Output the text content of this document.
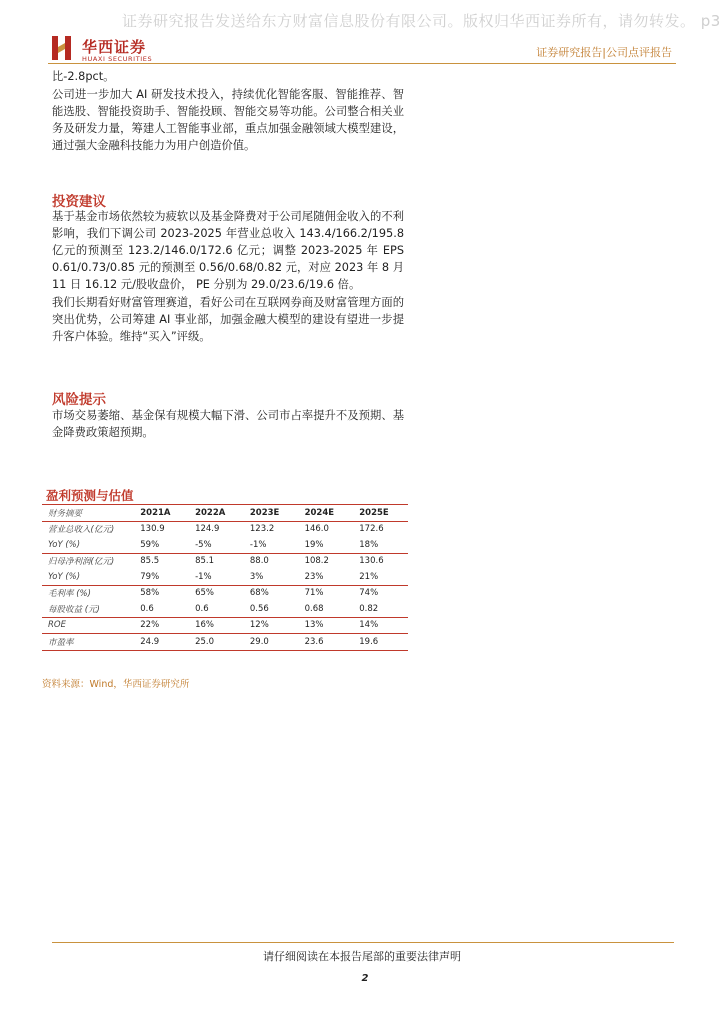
证券研究报告发送给东方财富信息股份有限公司。版权归华西证券所有，请勿转发。 p3
华西证券
HUAXI SECURITIES	证券研究报告|公司点评报告

比-2.8pct。

公司进一步加大 AI 研发技术投入，持续优化智能客服、智能推荐、智能选股、智能投资助手、智能投顾、智能交易等功能。公司整合相关业务及研发力量，筹建人工智能事业部，重点加强金融领域大模型建设，通过强大金融科技能力为用户创造价值。

投资建议

基于基金市场依然较为疲软以及基金降费对于公司尾随佣金收入的不利影响，我们下调公司 2023-2025 年营业总收入 143.4/166.2/195.8 亿元的预测至 123.2/146.0/172.6 亿元；调整 2023-2025 年 EPS 0.61/0.73/0.85 元的预测至 0.56/0.68/0.82 元，对应 2023 年 8 月 11 日 16.12 元/股收盘价， PE 分别为 29.0/23.6/19.6 倍。

我们长期看好财富管理赛道，看好公司在互联网券商及财富管理方面的突出优势，公司筹建 AI 事业部，加强金融大模型的建设有望进一步提升客户体验。维持“买入”评级。

风险提示

市场交易萎缩、基金保有规模大幅下滑、公司市占率提升不及预期、基金降费政策超预期。

盈利预测与估值
财务摘要	2021A	2022A	2023E	2024E	2025E
营业总收入(亿元)	130.9	124.9	123.2	146.0	172.6
YoY (%)	59%	-5%	-1%	19%	18%
归母净利润(亿元)	85.5	85.1	88.0	108.2	130.6
YoY (%)	79%	-1%	3%	23%	21%
毛利率 (%)	58%	65%	68%	71%	74%
每股收益 (元)	0.6	0.6	0.56	0.68	0.82
ROE	22%	16%	12%	13%	14%
市盈率	24.9	25.0	29.0	23.6	19.6
资料来源：Wind，华西证券研究所
请仔细阅读在本报告尾部的重要法律声明
2
